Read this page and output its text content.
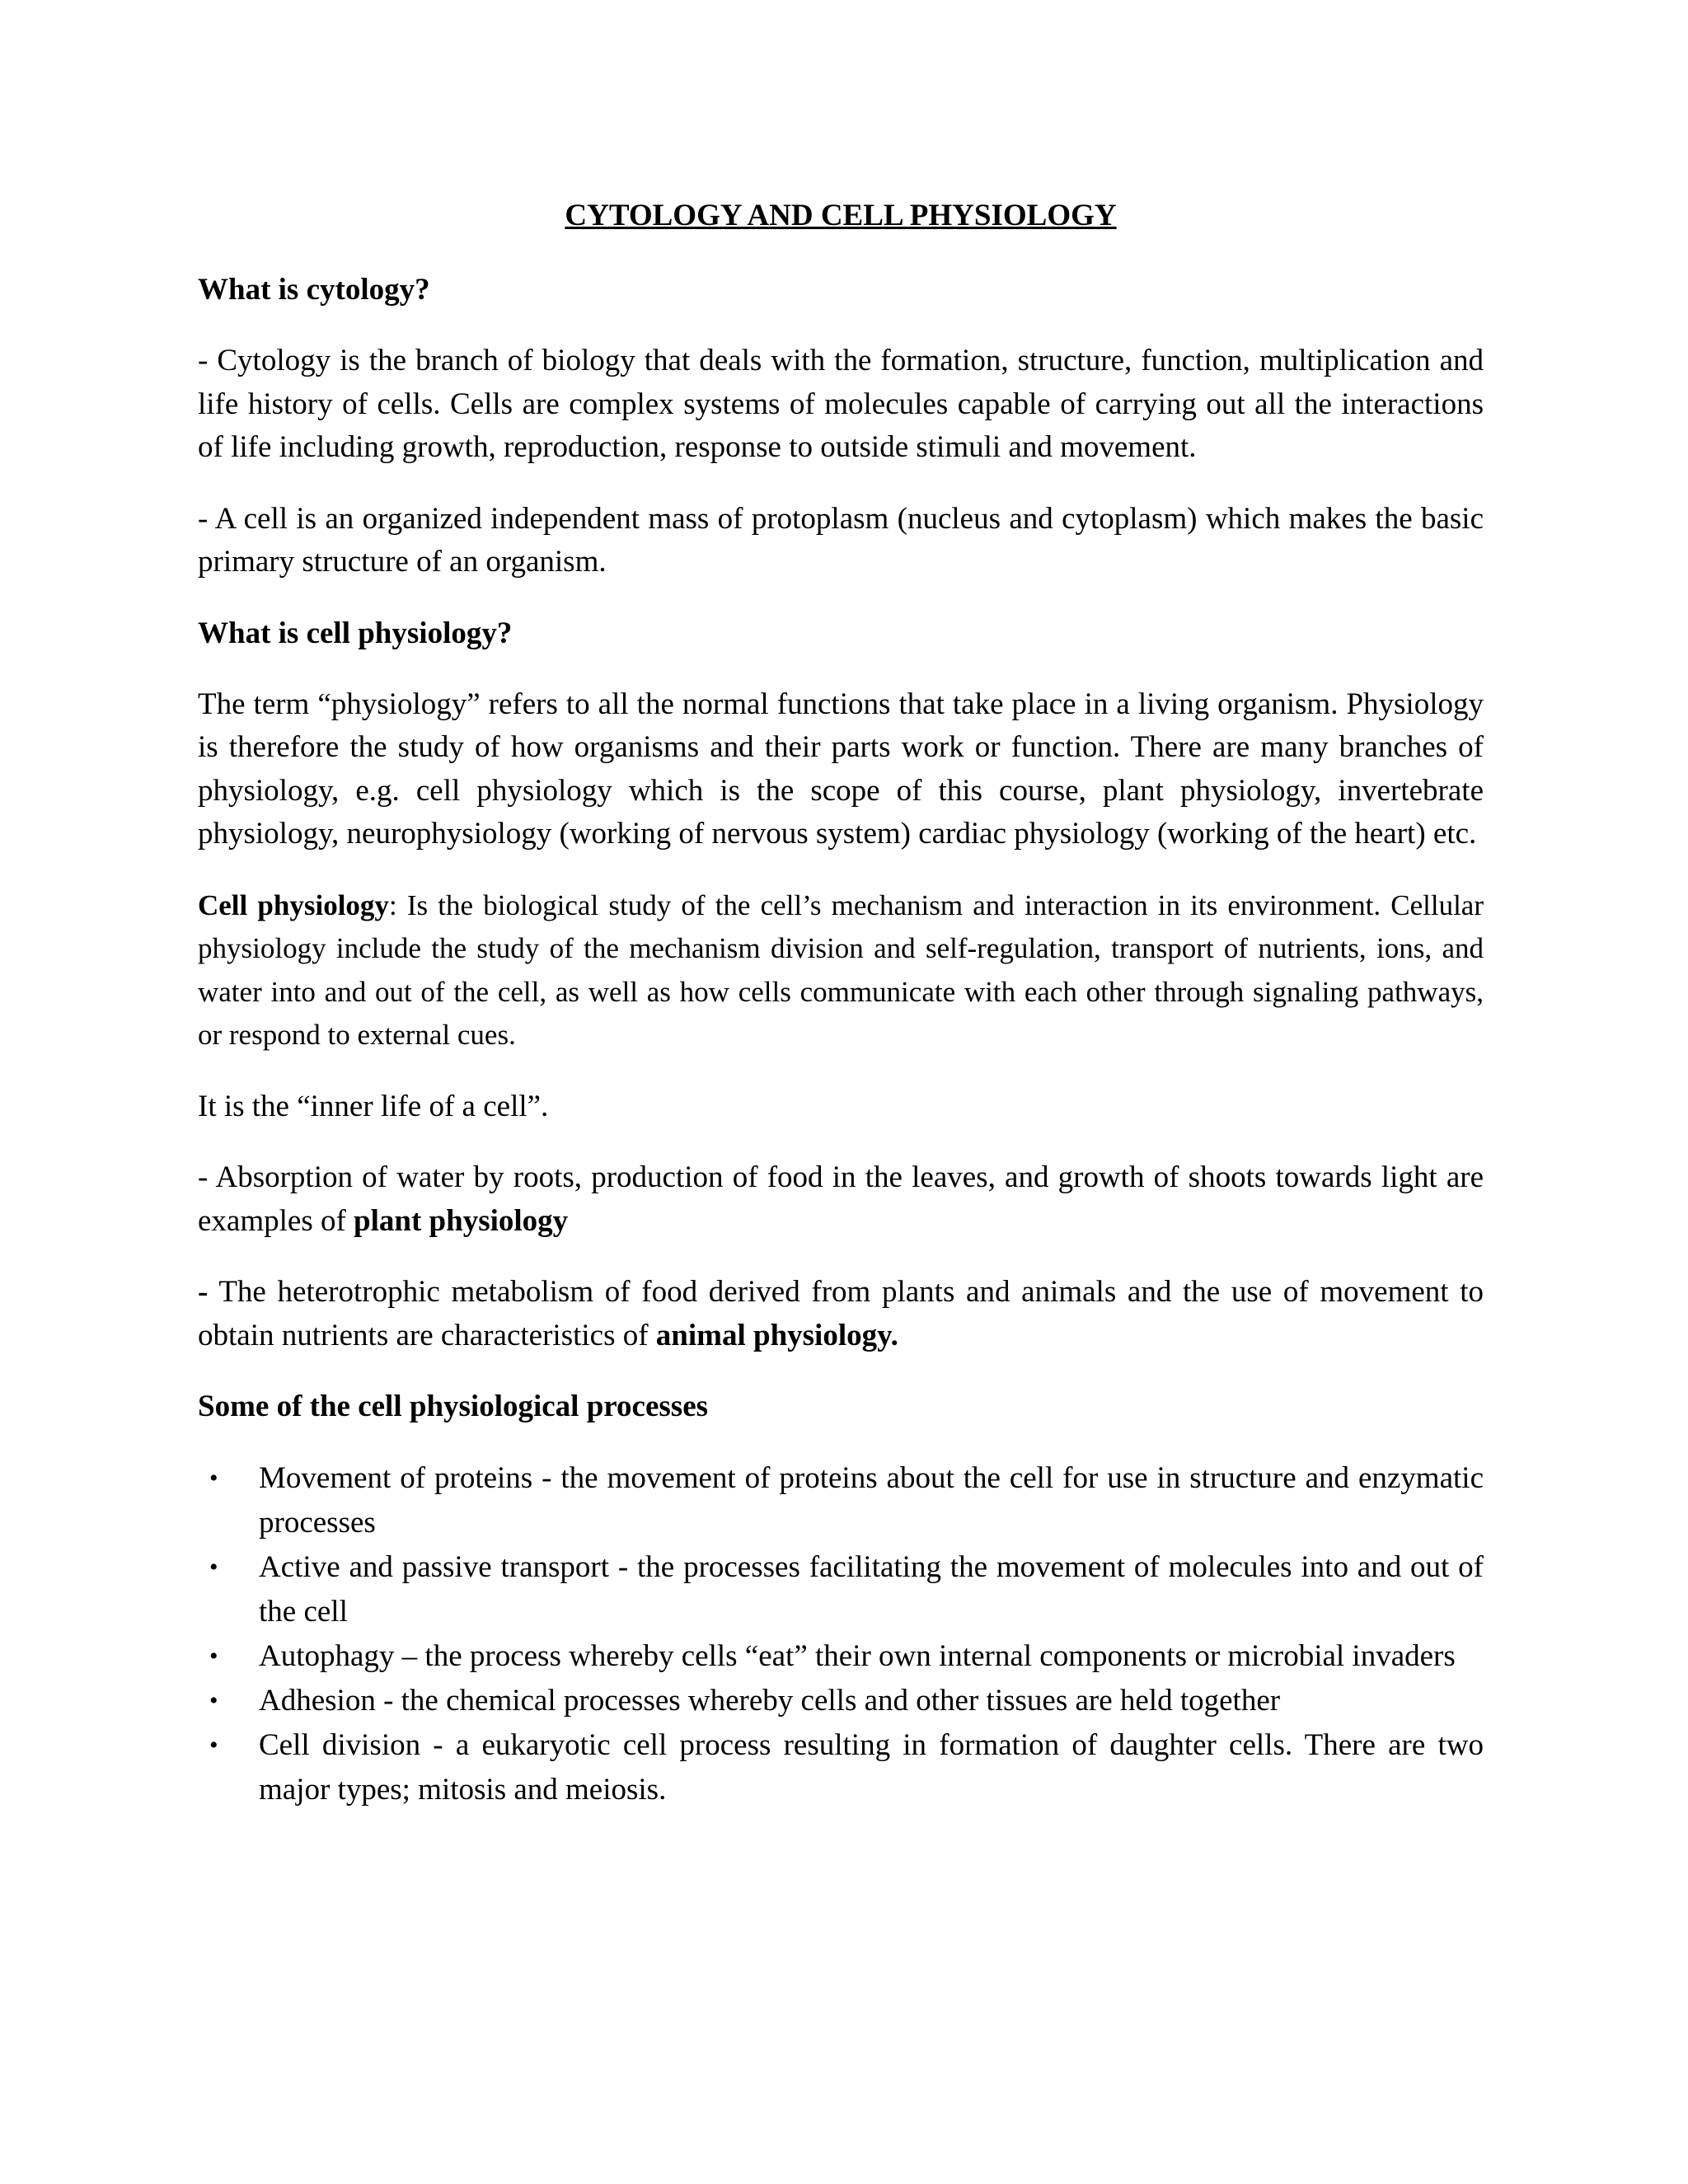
CYTOLOGY AND CELL PHYSIOLOGY
What is cytology?

- Cytology is the branch of biology that deals with the formation, structure, function, multiplication and life history of cells. Cells are complex systems of molecules capable of carrying out all the interactions of life including growth, reproduction, response to outside stimuli and movement.

- A cell is an organized independent mass of protoplasm (nucleus and cytoplasm) which makes the basic primary structure of an organism.

What is cell physiology?

The term “physiology” refers to all the normal functions that take place in a living organism. Physiology is therefore the study of how organisms and their parts work or function. There are many branches of physiology, e.g. cell physiology which is the scope of this course, plant physiology, invertebrate physiology, neurophysiology (working of nervous system) cardiac physiology (working of the heart) etc.

Cell physiology: Is the biological study of the cell’s mechanism and interaction in its environment. Cellular physiology include the study of the mechanism division and self-regulation, transport of nutrients, ions, and water into and out of the cell, as well as how cells communicate with each other through signaling pathways, or respond to external cues.

It is the “inner life of a cell”.

- Absorption of water by roots, production of food in the leaves, and growth of shoots towards light are examples of plant physiology

- The heterotrophic metabolism of food derived from plants and animals and the use of movement to obtain nutrients are characteristics of animal physiology.

Some of the cell physiological processes
• Movement of proteins - the movement of proteins about the cell for use in structure and enzymatic processes
• Active and passive transport - the processes facilitating the movement of molecules into and out of the cell
• Autophagy – the process whereby cells “eat” their own internal components or microbial invaders
• Adhesion - the chemical processes whereby cells and other tissues are held together
• Cell division - a eukaryotic cell process resulting in formation of daughter cells. There are two major types; mitosis and meiosis.
